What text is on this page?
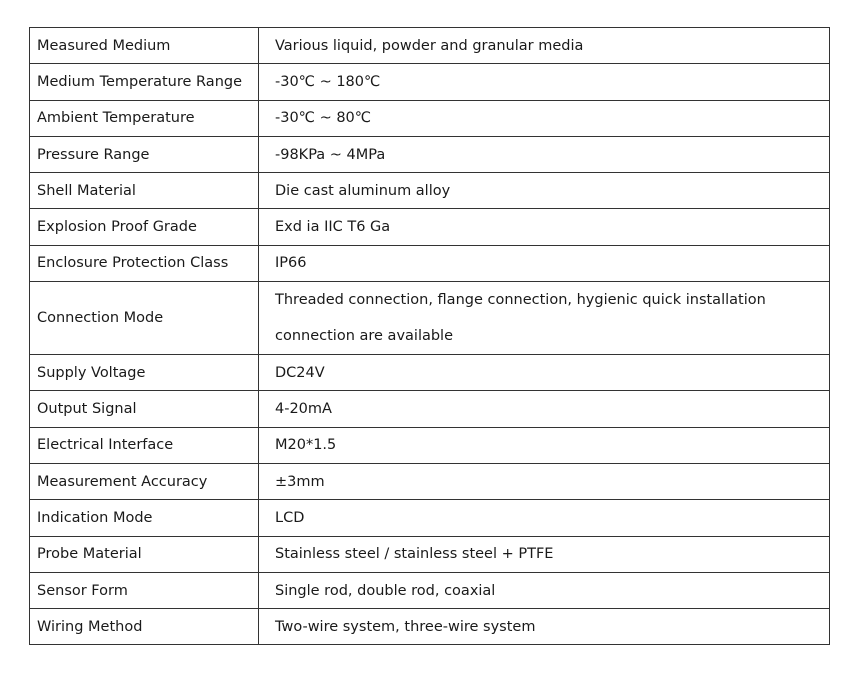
Measured Medium	Various liquid, powder and granular media
Medium Temperature Range	-30℃ ~ 180℃
Ambient Temperature	-30℃ ~ 80℃
Pressure Range	-98KPa ~ 4MPa
Shell Material	Die cast aluminum alloy
Explosion Proof Grade	Exd ia IIC T6 Ga
Enclosure Protection Class	IP66
Connection Mode	Threaded connection, flange connection, hygienic quick installation connection are available
Supply Voltage	DC24V
Output Signal	4-20mA
Electrical Interface	M20*1.5
Measurement Accuracy	±3mm
Indication Mode	LCD
Probe Material	Stainless steel / stainless steel + PTFE
Sensor Form	Single rod, double rod, coaxial
Wiring Method	Two-wire system, three-wire system
